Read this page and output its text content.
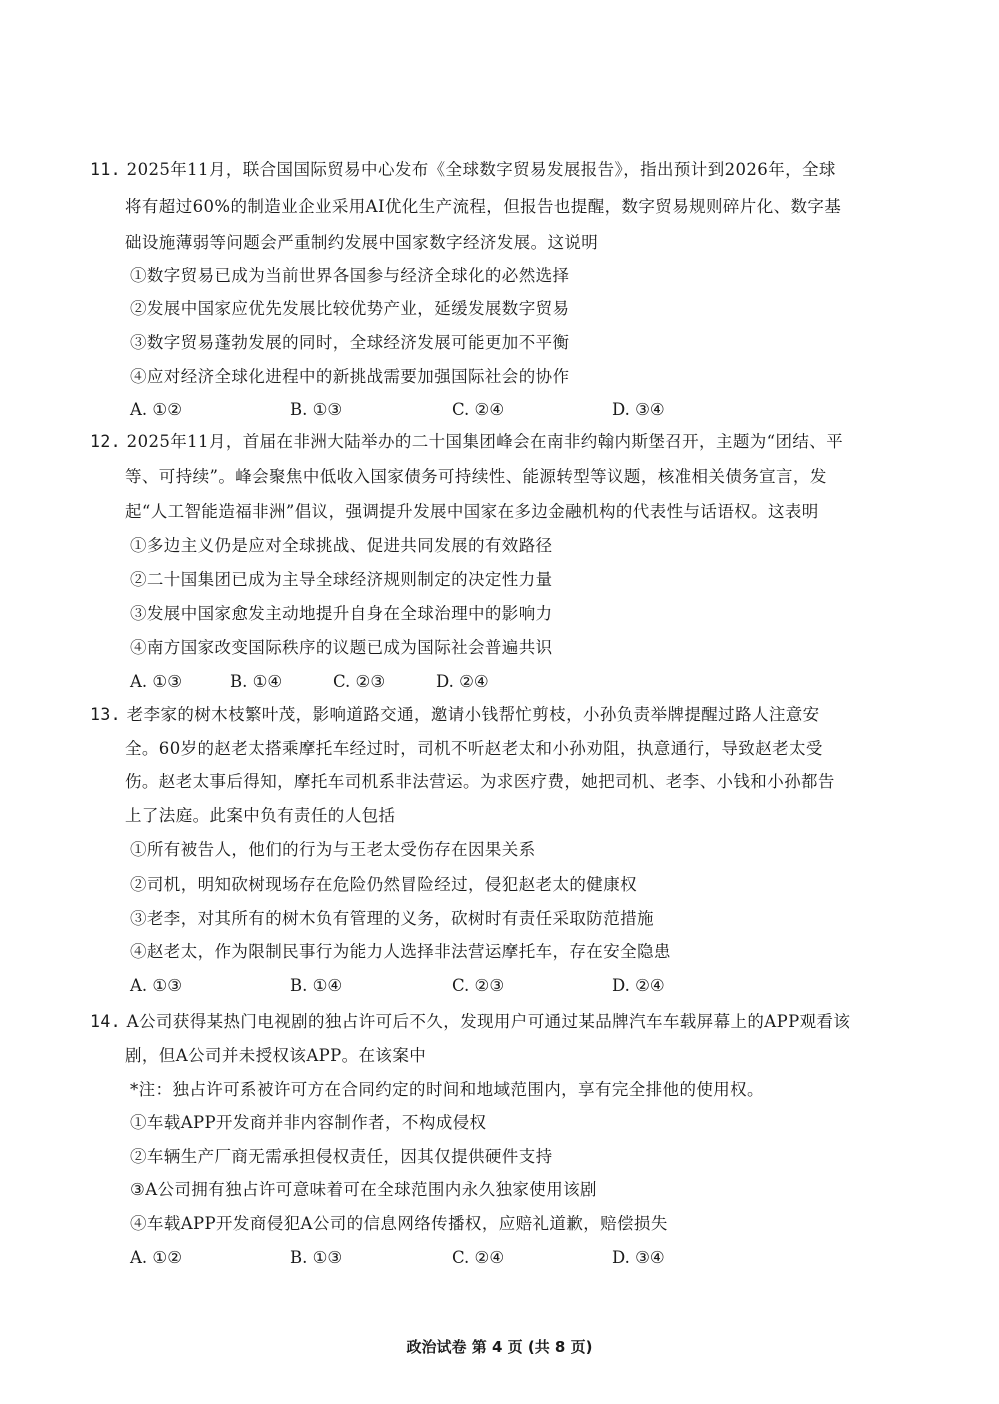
11. 2025年11月，联合国国际贸易中心发布《全球数字贸易发展报告》，指出预计到2026年，全球
将有超过60%的制造业企业采用AI优化生产流程，但报告也提醒，数字贸易规则碎片化、数字基
础设施薄弱等问题会严重制约发展中国家数字经济发展。这说明
①数字贸易已成为当前世界各国参与经济全球化的必然选择
②发展中国家应优先发展比较优势产业，延缓发展数字贸易
③数字贸易蓬勃发展的同时，全球经济发展可能更加不平衡
④应对经济全球化进程中的新挑战需要加强国际社会的协作
A. ①②	B. ①③	C. ②④	D. ③④
12. 2025年11月，首届在非洲大陆举办的二十国集团峰会在南非约翰内斯堡召开，主题为“团结、平
等、可持续”。峰会聚焦中低收入国家债务可持续性、能源转型等议题，核准相关债务宣言，发
起“人工智能造福非洲”倡议，强调提升发展中国家在多边金融机构的代表性与话语权。这表明
①多边主义仍是应对全球挑战、促进共同发展的有效路径
②二十国集团已成为主导全球经济规则制定的决定性力量
③发展中国家愈发主动地提升自身在全球治理中的影响力
④南方国家改变国际秩序的议题已成为国际社会普遍共识
A. ①③	B. ①④	C. ②③	D. ②④
13. 老李家的树木枝繁叶茂，影响道路交通，邀请小钱帮忙剪枝，小孙负责举牌提醒过路人注意安
全。60岁的赵老太搭乘摩托车经过时，司机不听赵老太和小孙劝阻，执意通行，导致赵老太受
伤。赵老太事后得知，摩托车司机系非法营运。为求医疗费，她把司机、老李、小钱和小孙都告
上了法庭。此案中负有责任的人包括
①所有被告人，他们的行为与王老太受伤存在因果关系
②司机，明知砍树现场存在危险仍然冒险经过，侵犯赵老太的健康权
③老李，对其所有的树木负有管理的义务，砍树时有责任采取防范措施
④赵老太，作为限制民事行为能力人选择非法营运摩托车，存在安全隐患
A. ①③	B. ①④	C. ②③	D. ②④
14. A公司获得某热门电视剧的独占许可后不久，发现用户可通过某品牌汽车车载屏幕上的APP观看该
剧，但A公司并未授权该APP。在该案中
*注：独占许可系被许可方在合同约定的时间和地域范围内，享有完全排他的使用权。
①车载APP开发商并非内容制作者，不构成侵权
②车辆生产厂商无需承担侵权责任，因其仅提供硬件支持
③A公司拥有独占许可意味着可在全球范围内永久独家使用该剧
④车载APP开发商侵犯A公司的信息网络传播权，应赔礼道歉，赔偿损失
A. ①②	B. ①③	C. ②④	D. ③④
政治试卷 第 4 页 (共 8 页)
